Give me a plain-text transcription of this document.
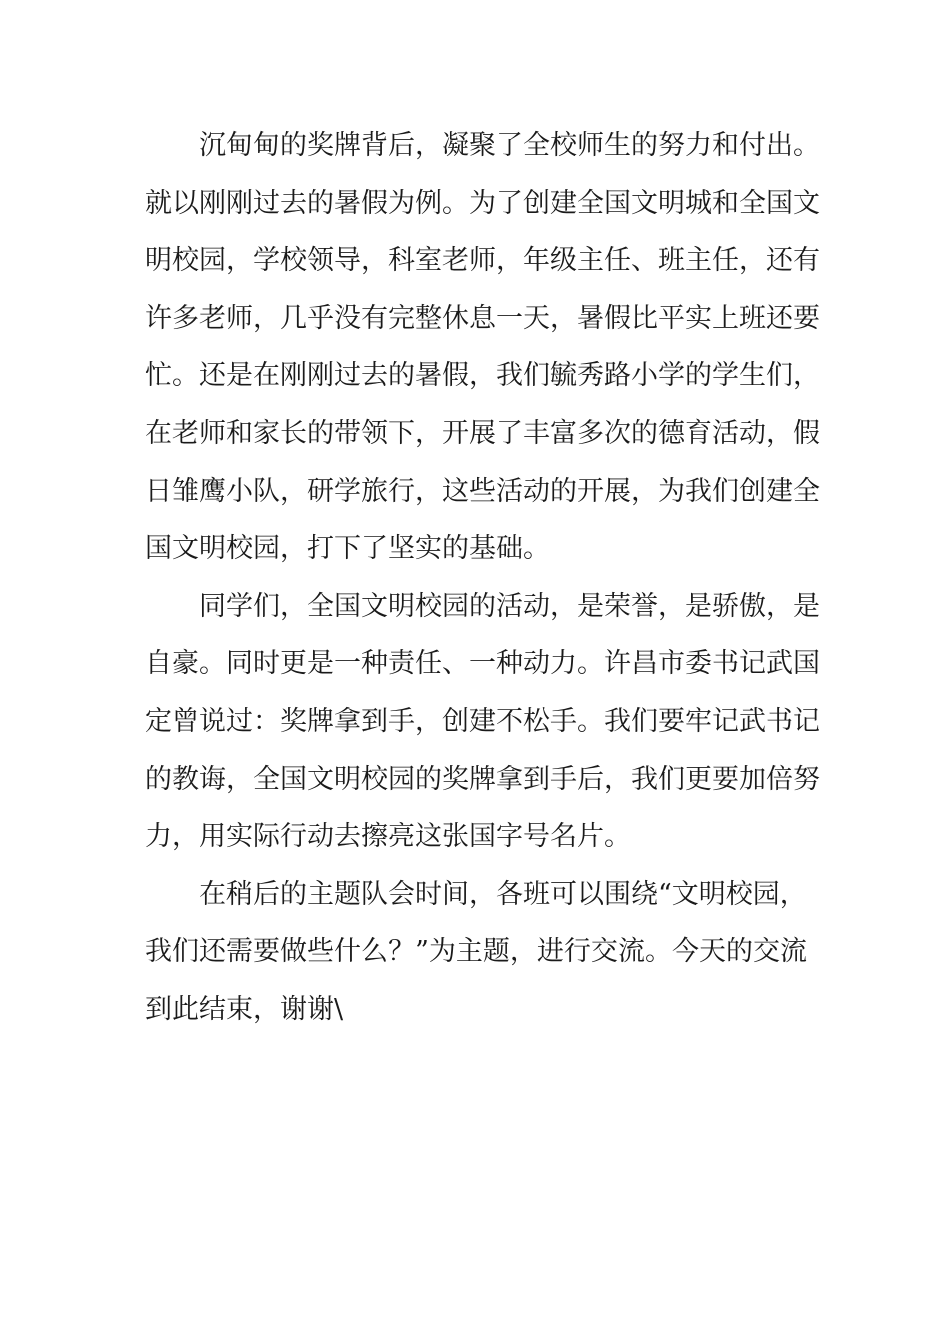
沉甸甸的奖牌背后，凝聚了全校师生的努力和付出。
就以刚刚过去的暑假为例。为了创建全国文明城和全国文
明校园，学校领导，科室老师，年级主任、班主任，还有
许多老师，几乎没有完整休息一天，暑假比平实上班还要
忙。还是在刚刚过去的暑假，我们毓秀路小学的学生们，
在老师和家长的带领下，开展了丰富多次的德育活动，假
日雏鹰小队，研学旅行，这些活动的开展，为我们创建全
国文明校园，打下了坚实的基础。

同学们，全国文明校园的活动，是荣誉，是骄傲，是
自豪。同时更是一种责任、一种动力。许昌市委书记武国
定曾说过：奖牌拿到手，创建不松手。我们要牢记武书记
的教诲，全国文明校园的奖牌拿到手后，我们更要加倍努
力，用实际行动去擦亮这张国字号名片。

在稍后的主题队会时间，各班可以围绕“文明校园，
我们还需要做些什么？”为主题，进行交流。今天的交流
到此结束，谢谢\
